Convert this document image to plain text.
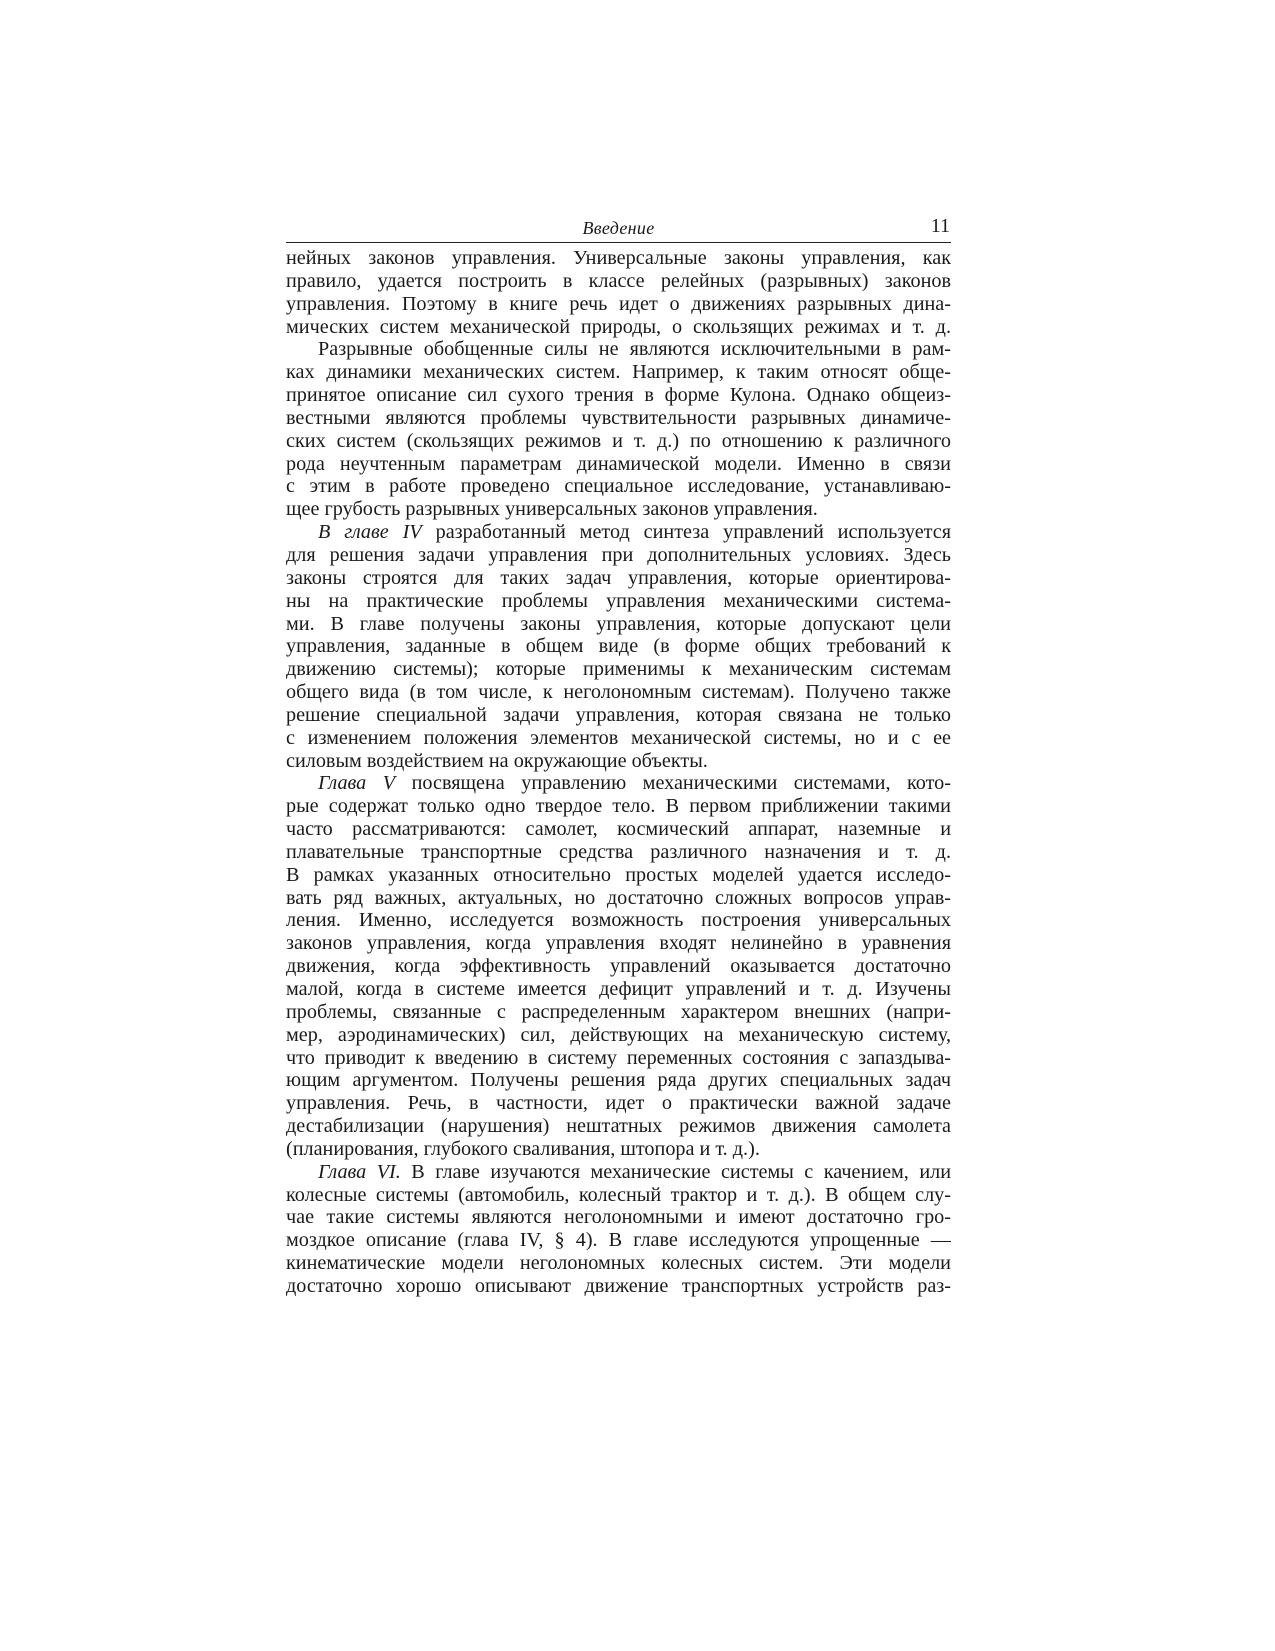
Введение	11
нейных законов управления. Универсальные законы управления, как
правило, удается построить в классе релейных (разрывных) законов
управления. Поэтому в книге речь идет о движениях разрывных дина-
мических систем механической природы, о скользящих режимах и т. д.
Разрывные обобщенные силы не являются исключительными в рам-
ках динамики механических систем. Например, к таким относят обще-
принятое описание сил сухого трения в форме Кулона. Однако общеиз-
вестными являются проблемы чувствительности разрывных динамиче-
ских систем (скользящих режимов и т. д.) по отношению к различного
рода неучтенным параметрам динамической модели. Именно в связи
с этим в работе проведено специальное исследование, устанавливаю-
щее грубость разрывных универсальных законов управления.
В главе IV разработанный метод синтеза управлений используется
для решения задачи управления при дополнительных условиях. Здесь
законы строятся для таких задач управления, которые ориентирова-
ны на практические проблемы управления механическими система-
ми. В главе получены законы управления, которые допускают цели
управления, заданные в общем виде (в форме общих требований к
движению системы); которые применимы к механическим системам
общего вида (в том числе, к неголономным системам). Получено также
решение специальной задачи управления, которая связана не только
с изменением положения элементов механической системы, но и с ее
силовым воздействием на окружающие объекты.
Глава V посвящена управлению механическими системами, кото-
рые содержат только одно твердое тело. В первом приближении такими
часто рассматриваются: самолет, космический аппарат, наземные и
плавательные транспортные средства различного назначения и т. д.
В рамках указанных относительно простых моделей удается исследо-
вать ряд важных, актуальных, но достаточно сложных вопросов управ-
ления. Именно, исследуется возможность построения универсальных
законов управления, когда управления входят нелинейно в уравнения
движения, когда эффективность управлений оказывается достаточно
малой, когда в системе имеется дефицит управлений и т. д. Изучены
проблемы, связанные с распределенным характером внешних (напри-
мер, аэродинамических) сил, действующих на механическую систему,
что приводит к введению в систему переменных состояния с запаздыва-
ющим аргументом. Получены решения ряда других специальных задач
управления. Речь, в частности, идет о практически важной задаче
дестабилизации (нарушения) нештатных режимов движения самолета
(планирования, глубокого сваливания, штопора и т. д.).
Глава VI. В главе изучаются механические системы с качением, или
колесные системы (автомобиль, колесный трактор и т. д.). В общем слу-
чае такие системы являются неголономными и имеют достаточно гро-
моздкое описание (глава IV, § 4). В главе исследуются упрощенные —
кинематические модели неголономных колесных систем. Эти модели
достаточно хорошо описывают движение транспортных устройств раз-
